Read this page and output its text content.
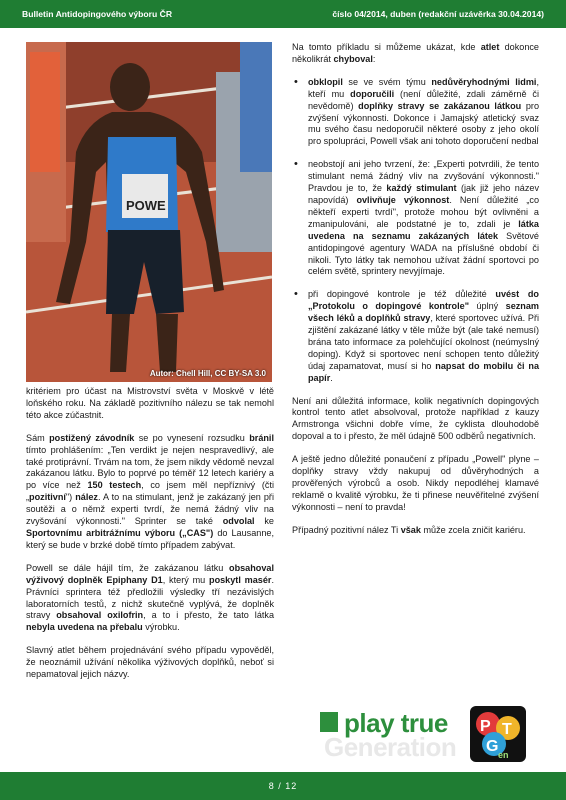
Bulletin Antidopingového výboru ČR	číslo 04/2014, duben (redakční uzávěrka 30.04.2014)
POWE
Autor: Chell Hill, CC BY-SA 3.0

kritériem pro účast na Mistrovství světa v Moskvě v létě loňského roku. Na základě pozitivního nálezu se tak nemohl této akce zúčastnit.

Sám postižený závodník se po vynesení rozsudku bránil tímto prohlášením: „Ten verdikt je nejen nespravedlivý, ale také protiprávní. Trvám na tom, že jsem nikdy vědomě nevzal zakázanou látku. Bylo to poprvé po téměř 12 letech kariéry a po více než 150 testech, co jsem měl nepříznivý (čti „pozitivní") nález. A to na stimulant, jenž je zakázaný jen při soutěži a o němž experti tvrdí, že nemá žádný vliv na zvyšování výkonnosti." Sprinter se také odvolal ke Sportovnímu arbitrážnímu výboru („CAS") do Lausanne, který se bude v brzké době tímto případem zabývat.

Powell se dále hájil tím, že zakázanou látku obsahoval výživový doplněk Epiphany D1, který mu poskytl masér. Právníci sprintera též předložili výsledky tří nezávislých laboratorních testů, z nichž skutečně vyplývá, že doplněk stravy obsahoval oxilofrin, a to i přesto, že tato látka nebyla uvedena na přebalu výrobku.

Slavný atlet během projednávání svého případu vypověděl, že neoznámil užívání několika výživových doplňků, neboť si nepamatoval jejich názvy.

Na tomto příkladu si můžeme ukázat, kde atlet dokonce několikrát chyboval:

• obklopil se ve svém týmu nedůvěryhodnými lidmi, kteří mu doporučili (není důležité, zdali záměrně či nevědomě) doplňky stravy se zakázanou látkou pro zvýšení výkonnosti. Dokonce i Jamajský atletický svaz mu svého času nedoporučil některé osoby z jeho okolí pro spolupráci, Powell však ani tohoto doporučení nedbal
• neobstojí ani jeho tvrzení, že: „Experti potvrdili, že tento stimulant nemá žádný vliv na zvyšování výkonnosti." Pravdou je to, že každý stimulant (jak již jeho název napovídá) ovlivňuje výkonnost. Není důležité „co někteří experti tvrdí", protože mohou být ovlivněni a zmanipulováni, ale podstatné je to, zdali je látka uvedena na seznamu zakázaných látek Světové antidopingové agentury WADA na příslušné období či nikoli. Tyto látky tak nemohou užívat žádní sportovci po celém světě, sprintery nevyjímaje.
• při dopingové kontrole je též důležité uvést do „Protokolu o dopingové kontrole" úplný seznam všech léků a doplňků stravy, které sportovec užívá. Při zjištění zakázané látky v těle může být (ale také nemusí) brána tato informace za polehčující okolnost (neúmyslný doping). Když si sportovec není schopen tento důležitý údaj zapamatovat, musí si ho napsat do mobilu či na papír.

Není ani důležitá informace, kolik negativních dopingových kontrol tento atlet absolvoval, protože například z kauzy Armstronga všichni dobře víme, že cyklista dlouhodobě dopoval a to i přesto, že měl údajně 500 odběrů negativních.

A ještě jedno důležité ponaučení z případu „Powell" plyne – doplňky stravy vždy nakupuj od důvěryhodných a prověřených výrobců a osob. Nikdy nepodléhej klamavé reklamě o kvalitě výrobku, že ti přinese neuvěřitelné zvýšení výkonnosti – není to pravda!

Případný pozitivní nález Ti však může zcela zničit kariéru.

play true
Generation
P T
G en
8 / 12
